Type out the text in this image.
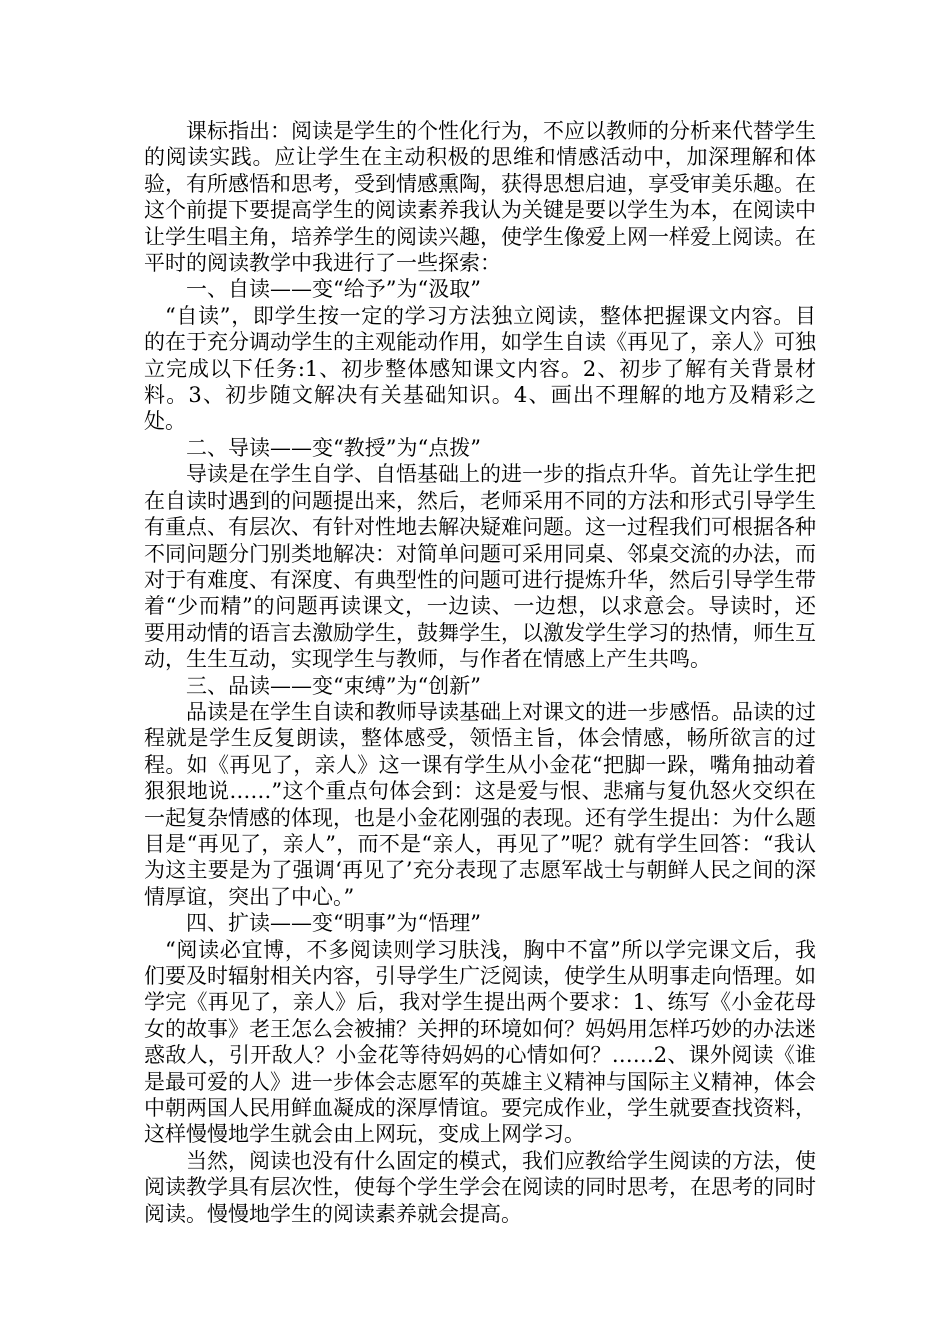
课标指出：阅读是学生的个性化行为，不应以教师的分析来代替学生的阅读实践。应让学生在主动积极的思维和情感活动中，加深理解和体验，有所感悟和思考，受到情感熏陶，获得思想启迪，享受审美乐趣。在这个前提下要提高学生的阅读素养我认为关键是要以学生为本，在阅读中让学生唱主角，培养学生的阅读兴趣，使学生像爱上网一样爱上阅读。在平时的阅读教学中我进行了一些探索：

一、自读——变“给予”为“汲取”

“自读”，即学生按一定的学习方法独立阅读，整体把握课文内容。目的在于充分调动学生的主观能动作用，如学生自读《再见了，亲人》可独立完成以下任务:1、初步整体感知课文内容。2、初步了解有关背景材料。3、初步随文解决有关基础知识。4、画出不理解的地方及精彩之处。

二、导读——变“教授”为“点拨”

导读是在学生自学、自悟基础上的进一步的指点升华。首先让学生把在自读时遇到的问题提出来，然后，老师采用不同的方法和形式引导学生有重点、有层次、有针对性地去解决疑难问题。这一过程我们可根据各种不同问题分门别类地解决：对简单问题可采用同桌、邻桌交流的办法，而对于有难度、有深度、有典型性的问题可进行提炼升华，然后引导学生带着“少而精”的问题再读课文，一边读、一边想，以求意会。导读时，还要用动情的语言去激励学生，鼓舞学生，以激发学生学习的热情，师生互动，生生互动，实现学生与教师，与作者在情感上产生共鸣。

三、品读——变“束缚”为“创新”

品读是在学生自读和教师导读基础上对课文的进一步感悟。品读的过程就是学生反复朗读，整体感受，领悟主旨，体会情感，畅所欲言的过程。如《再见了，亲人》这一课有学生从小金花“把脚一跺，嘴角抽动着狠狠地说……”这个重点句体会到：这是爱与恨、悲痛与复仇怒火交织在一起复杂情感的体现，也是小金花刚强的表现。还有学生提出：为什么题目是“再见了，亲人”，而不是“亲人，再见了”呢？就有学生回答：“我认为这主要是为了强调‘再见了’充分表现了志愿军战士与朝鲜人民之间的深情厚谊，突出了中心。”

四、扩读——变“明事”为“悟理”

“阅读必宜博，不多阅读则学习肤浅，胸中不富”所以学完课文后，我们要及时辐射相关内容，引导学生广泛阅读，使学生从明事走向悟理。如学完《再见了，亲人》后，我对学生提出两个要求：1、练写《小金花母女的故事》老王怎么会被捕？关押的环境如何？妈妈用怎样巧妙的办法迷惑敌人，引开敌人？小金花等待妈妈的心情如何？……2、课外阅读《谁是最可爱的人》进一步体会志愿军的英雄主义精神与国际主义精神，体会中朝两国人民用鲜血凝成的深厚情谊。要完成作业，学生就要查找资料，这样慢慢地学生就会由上网玩，变成上网学习。

当然，阅读也没有什么固定的模式，我们应教给学生阅读的方法，使阅读教学具有层次性，使每个学生学会在阅读的同时思考，在思考的同时阅读。慢慢地学生的阅读素养就会提高。
